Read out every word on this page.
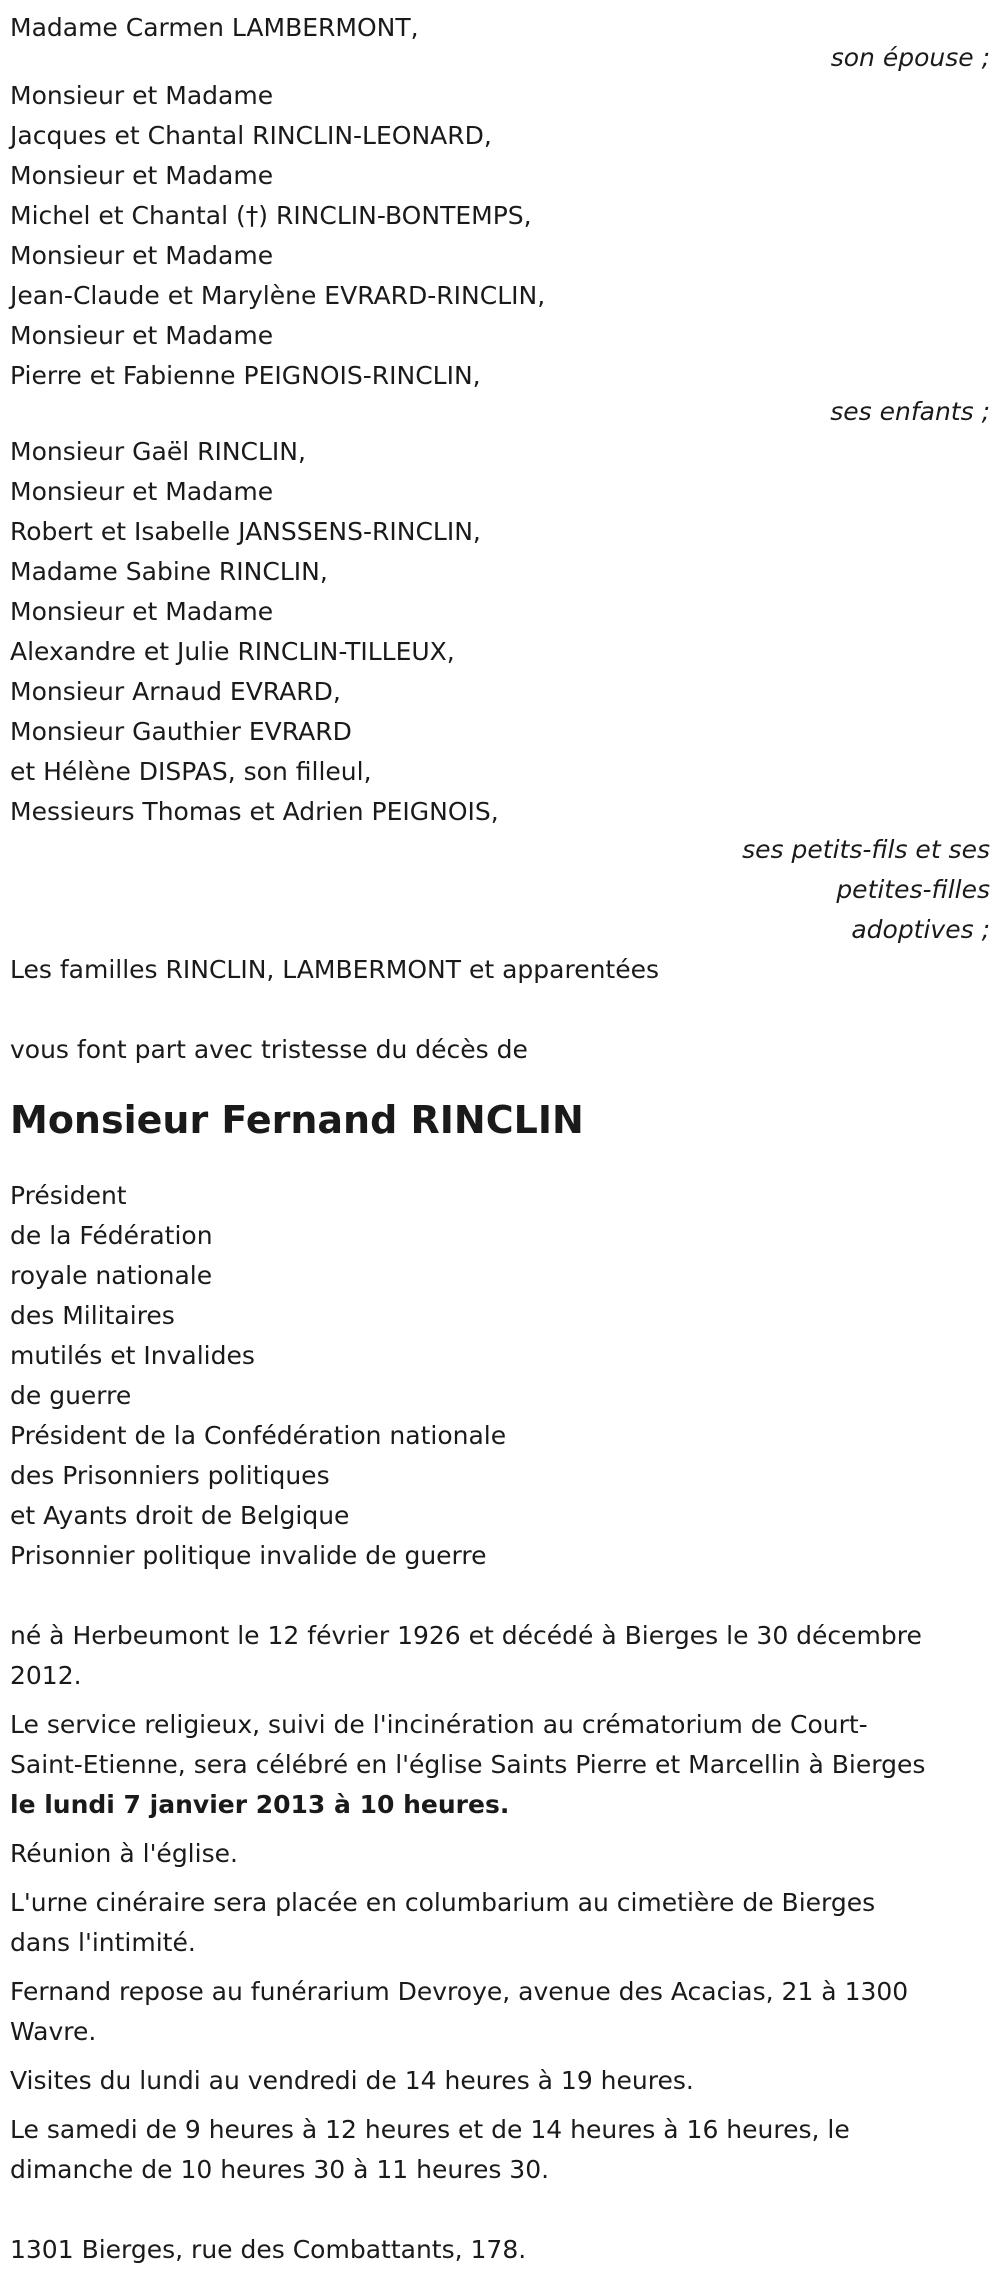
Madame Carmen LAMBERMONT,

son épouse ;

Monsieur et Madame

Jacques et Chantal RINCLIN-LEONARD,

Monsieur et Madame

Michel et Chantal (†) RINCLIN-BONTEMPS,

Monsieur et Madame

Jean-Claude et Marylène EVRARD-RINCLIN,

Monsieur et Madame

Pierre et Fabienne PEIGNOIS-RINCLIN,

ses enfants ;

Monsieur Gaël RINCLIN,

Monsieur et Madame

Robert et Isabelle JANSSENS-RINCLIN,

Madame Sabine RINCLIN,

Monsieur et Madame

Alexandre et Julie RINCLIN-TILLEUX,

Monsieur Arnaud EVRARD,

Monsieur Gauthier EVRARD

et Hélène DISPAS, son filleul,

Messieurs Thomas et Adrien PEIGNOIS,

ses petits-fils et ses

petites-filles

adoptives ;

Les familles RINCLIN, LAMBERMONT et apparentées

vous font part avec tristesse du décès de

Monsieur Fernand RINCLIN

Président

de la Fédération

royale nationale

des Militaires

mutilés et Invalides

de guerre

Président de la Confédération nationale

des Prisonniers politiques

et Ayants droit de Belgique

Prisonnier politique invalide de guerre

né à Herbeumont le 12 février 1926 et décédé à Bierges le 30 décembre

2012.

Le service religieux, suivi de l'incinération au crématorium de Court-

Saint-Etienne, sera célébré en l'église Saints Pierre et Marcellin à Bierges

le lundi 7 janvier 2013 à 10 heures.

Réunion à l'église.

L'urne cinéraire sera placée en columbarium au cimetière de Bierges

dans l'intimité.

Fernand repose au funérarium Devroye, avenue des Acacias, 21 à 1300

Wavre.

Visites du lundi au vendredi de 14 heures à 19 heures.

Le samedi de 9 heures à 12 heures et de 14 heures à 16 heures, le

dimanche de 10 heures 30 à 11 heures 30.

1301 Bierges, rue des Combattants, 178.
